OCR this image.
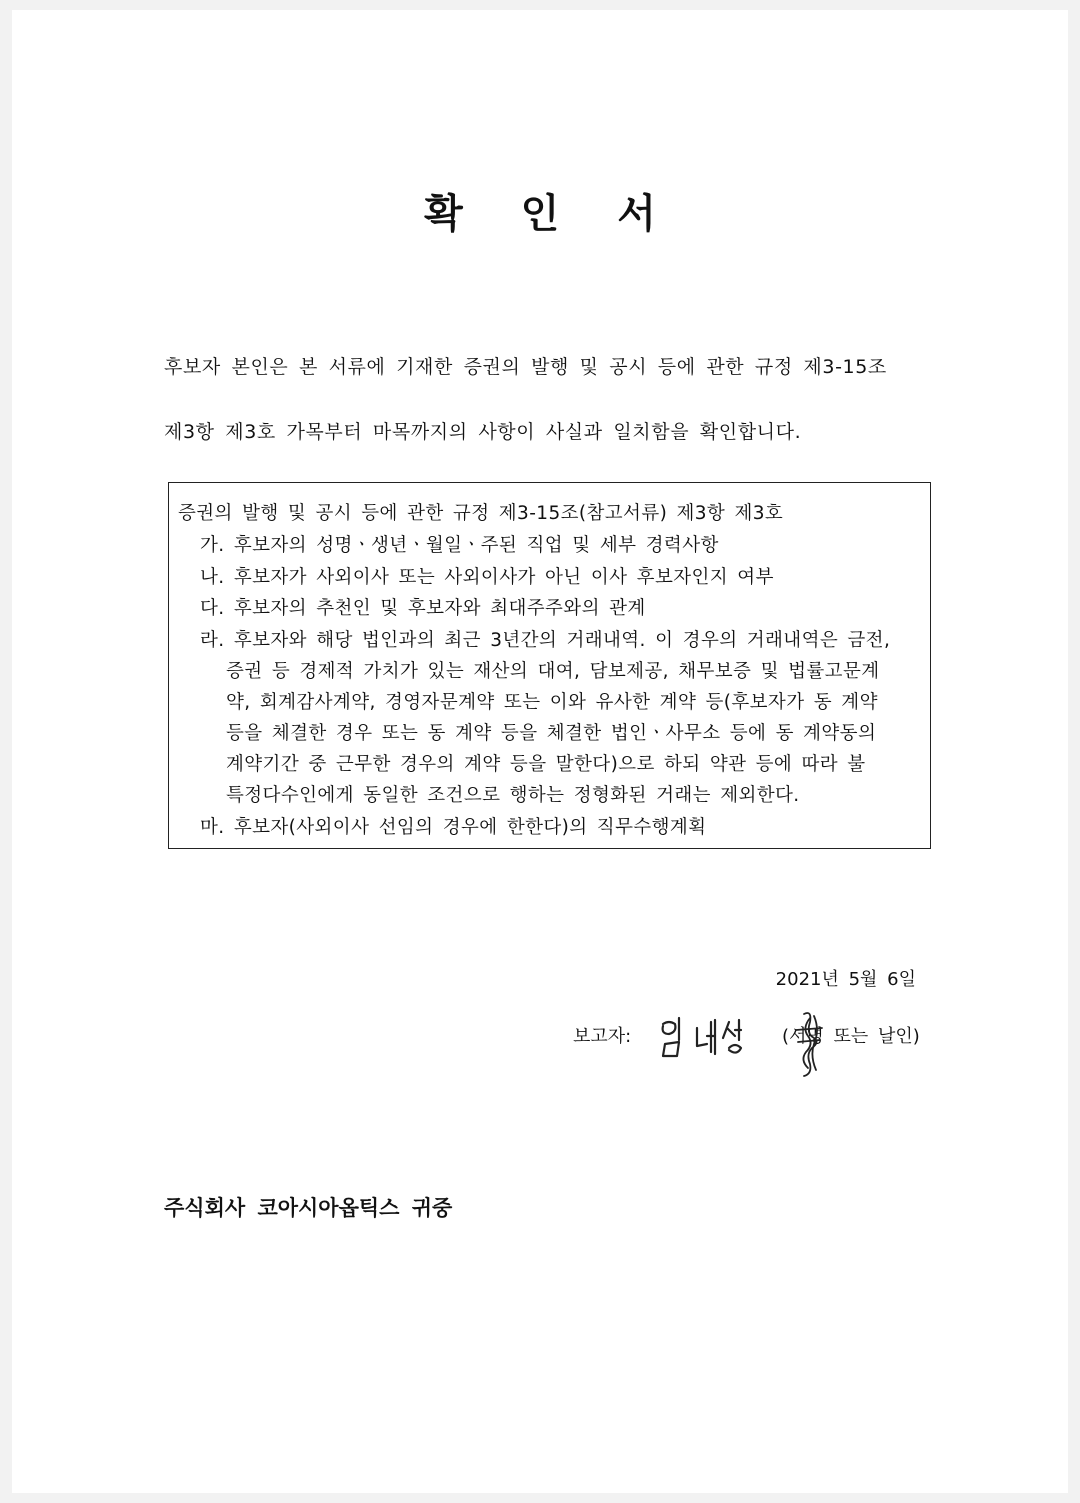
확 인 서
후보자 본인은 본 서류에 기재한 증권의 발행 및 공시 등에 관한 규정 제3-15조
제3항 제3호 가목부터 마목까지의 사항이 사실과 일치함을 확인합니다.
증권의 발행 및 공시 등에 관한 규정 제3-15조(참고서류) 제3항 제3호
가. 후보자의 성명ㆍ생년ㆍ월일ㆍ주된 직업 및 세부 경력사항
나. 후보자가 사외이사 또는 사외이사가 아닌 이사 후보자인지 여부
다. 후보자의 추천인 및 후보자와 최대주주와의 관계
라. 후보자와 해당 법인과의 최근 3년간의 거래내역. 이 경우의 거래내역은 금전,
증권 등 경제적 가치가 있는 재산의 대여, 담보제공, 채무보증 및 법률고문계
약, 회계감사계약, 경영자문계약 또는 이와 유사한 계약 등(후보자가 동 계약
등을 체결한 경우 또는 동 계약 등을 체결한 법인ㆍ사무소 등에 동 계약동의
계약기간 중 근무한 경우의 계약 등을 말한다)으로 하되 약관 등에 따라 불
특정다수인에게 동일한 조건으로 행하는 정형화된 거래는 제외한다.
마. 후보자(사외이사 선임의 경우에 한한다)의 직무수행계획
2021년 5월 6일
보고자:	(서명 또는 날인)
주식회사 코아시아옵틱스 귀중
